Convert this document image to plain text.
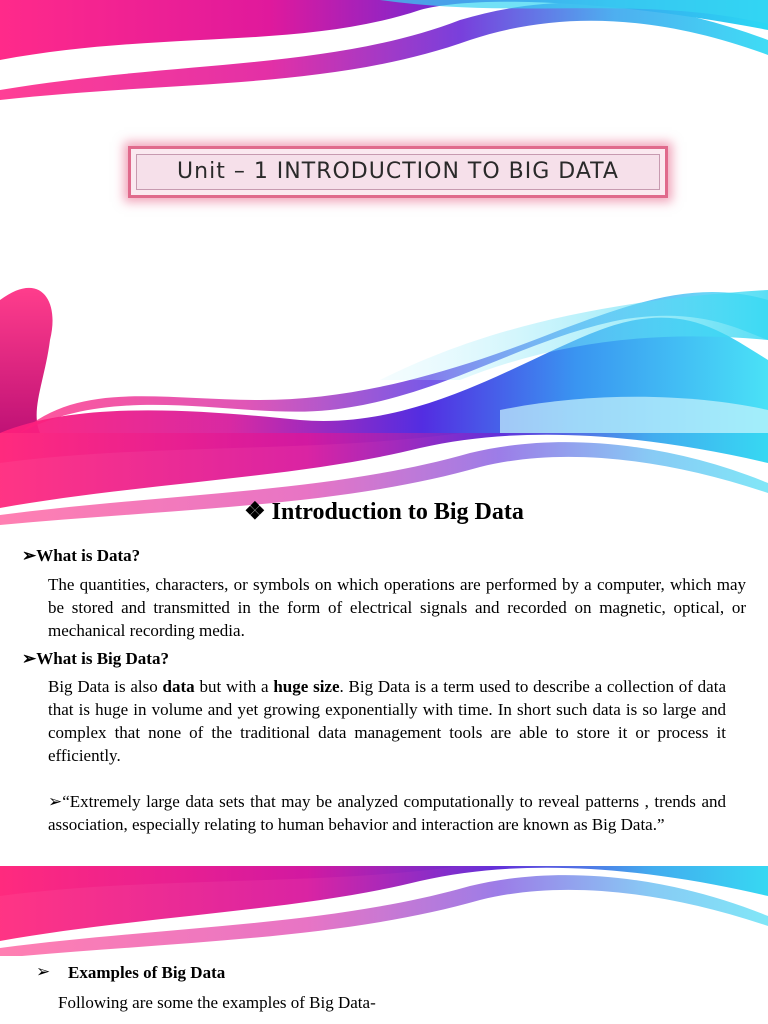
Unit – 1 INTRODUCTION TO BIG DATA
❖ Introduction to Big Data
➢What is Data?

The quantities, characters, or symbols on which operations are performed by a computer, which may be stored and transmitted in the form of electrical signals and recorded on magnetic, optical, or mechanical recording media.

➢What is Big Data?

Big Data is also data but with a huge size. Big Data is a term used to describe a collection of data that is huge in volume and yet growing exponentially with time. In short such data is so large and complex that none of the traditional data management tools are able to store it or process it efficiently.

➢“Extremely large data sets that may be analyzed computationally to reveal patterns , trends and association, especially relating to human behavior and interaction are known as Big Data.”
➢ Examples of Big Data
Following are some the examples of Big Data-
